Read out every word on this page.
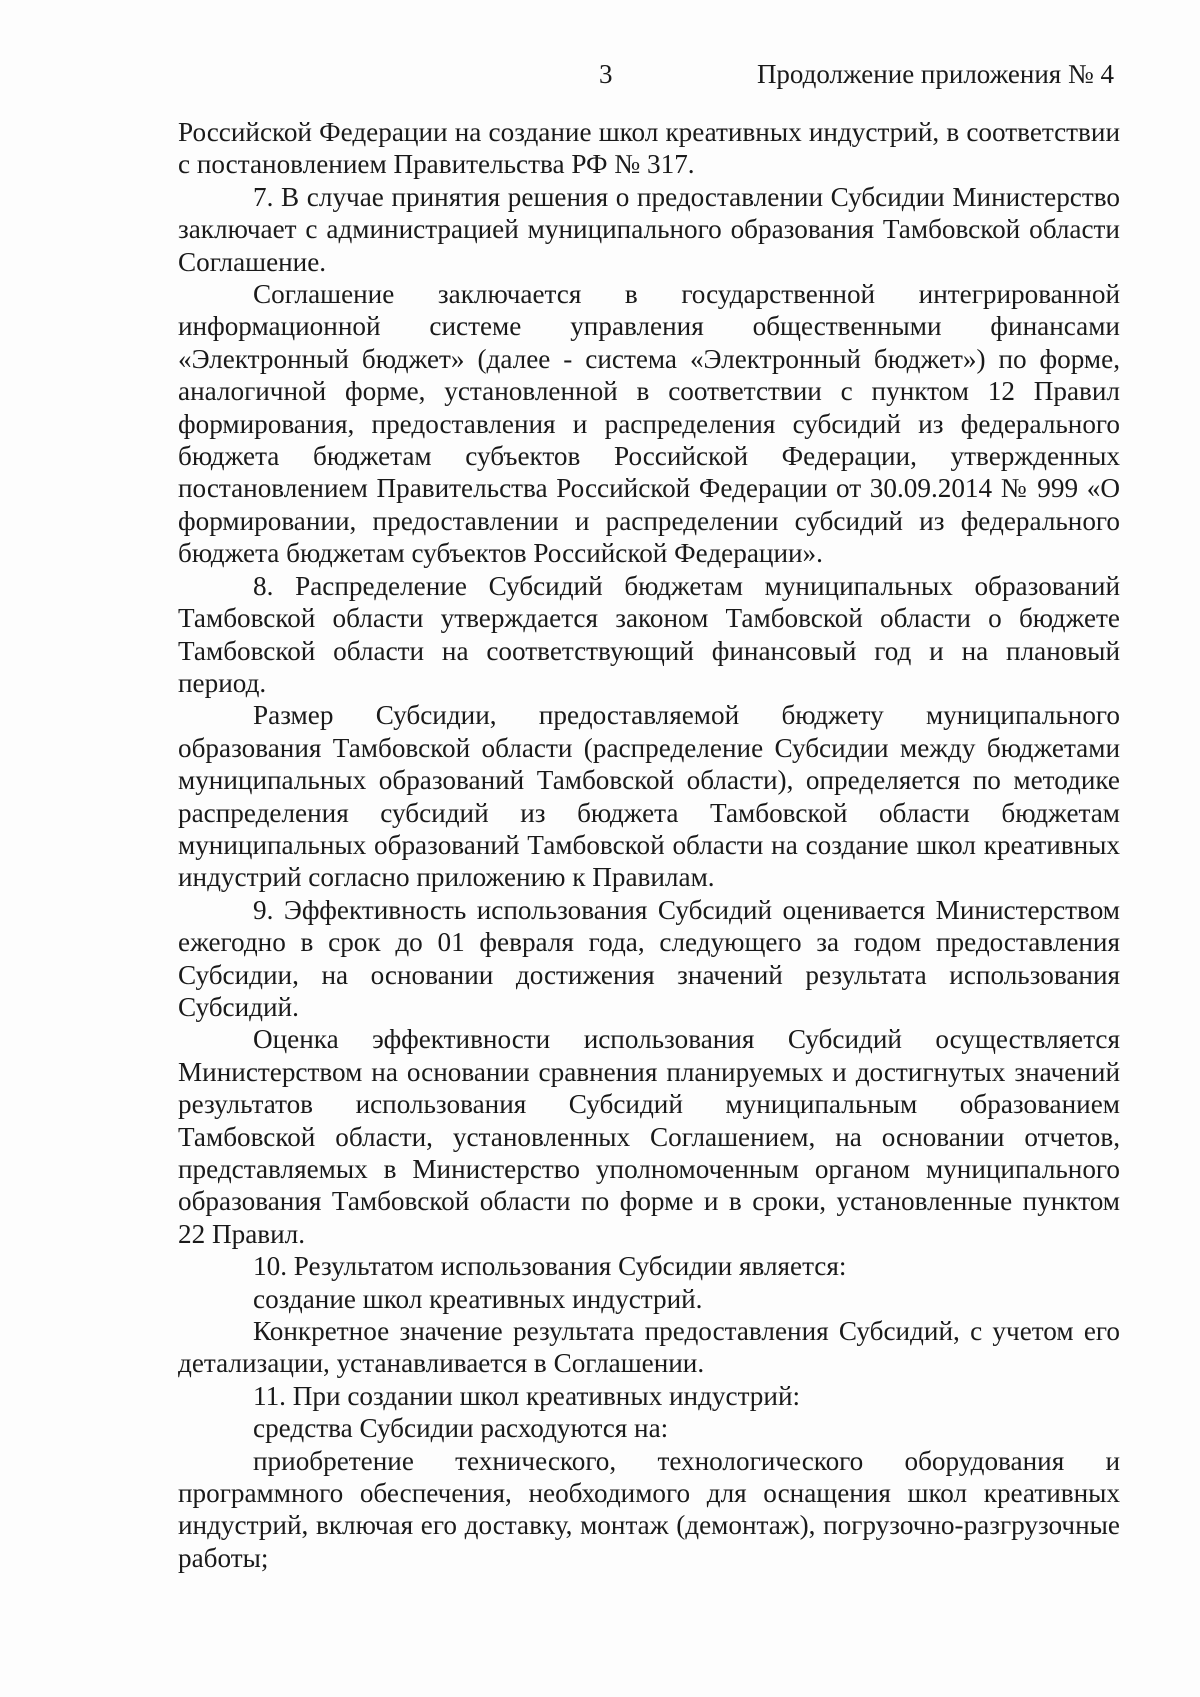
3	Продолжение приложения № 4

Российской Федерации на создание школ креативных индустрий, в соответствии с постановлением Правительства РФ № 317.

7. В случае принятия решения о предоставлении Субсидии Министерство заключает с администрацией муниципального образования Тамбовской области Соглашение.

Соглашение заключается в государственной интегрированной информационной системе управления общественными финансами «Электронный бюджет» (далее - система «Электронный бюджет») по форме, аналогичной форме, установленной в соответствии с пунктом 12 Правил формирования, предоставления и распределения субсидий из федерального бюджета бюджетам субъектов Российской Федерации, утвержденных постановлением Правительства Российской Федерации от 30.09.2014 № 999 «О формировании, предоставлении и распределении субсидий из федерального бюджета бюджетам субъектов Российской Федерации».

8. Распределение Субсидий бюджетам муниципальных образований Тамбовской области утверждается законом Тамбовской области о бюджете Тамбовской области на соответствующий финансовый год и на плановый период.

Размер Субсидии, предоставляемой бюджету муниципального образования Тамбовской области (распределение Субсидии между бюджетами муниципальных образований Тамбовской области), определяется по методике распределения субсидий из бюджета Тамбовской области бюджетам муниципальных образований Тамбовской области на создание школ креативных индустрий согласно приложению к Правилам.

9. Эффективность использования Субсидий оценивается Министерством ежегодно в срок до 01 февраля года, следующего за годом предоставления Субсидии, на основании достижения значений результата использования Субсидий.

Оценка эффективности использования Субсидий осуществляется Министерством на основании сравнения планируемых и достигнутых значений результатов использования Субсидий муниципальным образованием Тамбовской области, установленных Соглашением, на основании отчетов, представляемых в Министерство уполномоченным органом муниципального образования Тамбовской области по форме и в сроки, установленные пунктом 22 Правил.

10. Результатом использования Субсидии является:

создание школ креативных индустрий.

Конкретное значение результата предоставления Субсидий, с учетом его детализации, устанавливается в Соглашении.

11. При создании школ креативных индустрий:

средства Субсидии расходуются на:

приобретение технического, технологического оборудования и программного обеспечения, необходимого для оснащения школ креативных индустрий, включая его доставку, монтаж (демонтаж), погрузочно-разгрузочные работы;
